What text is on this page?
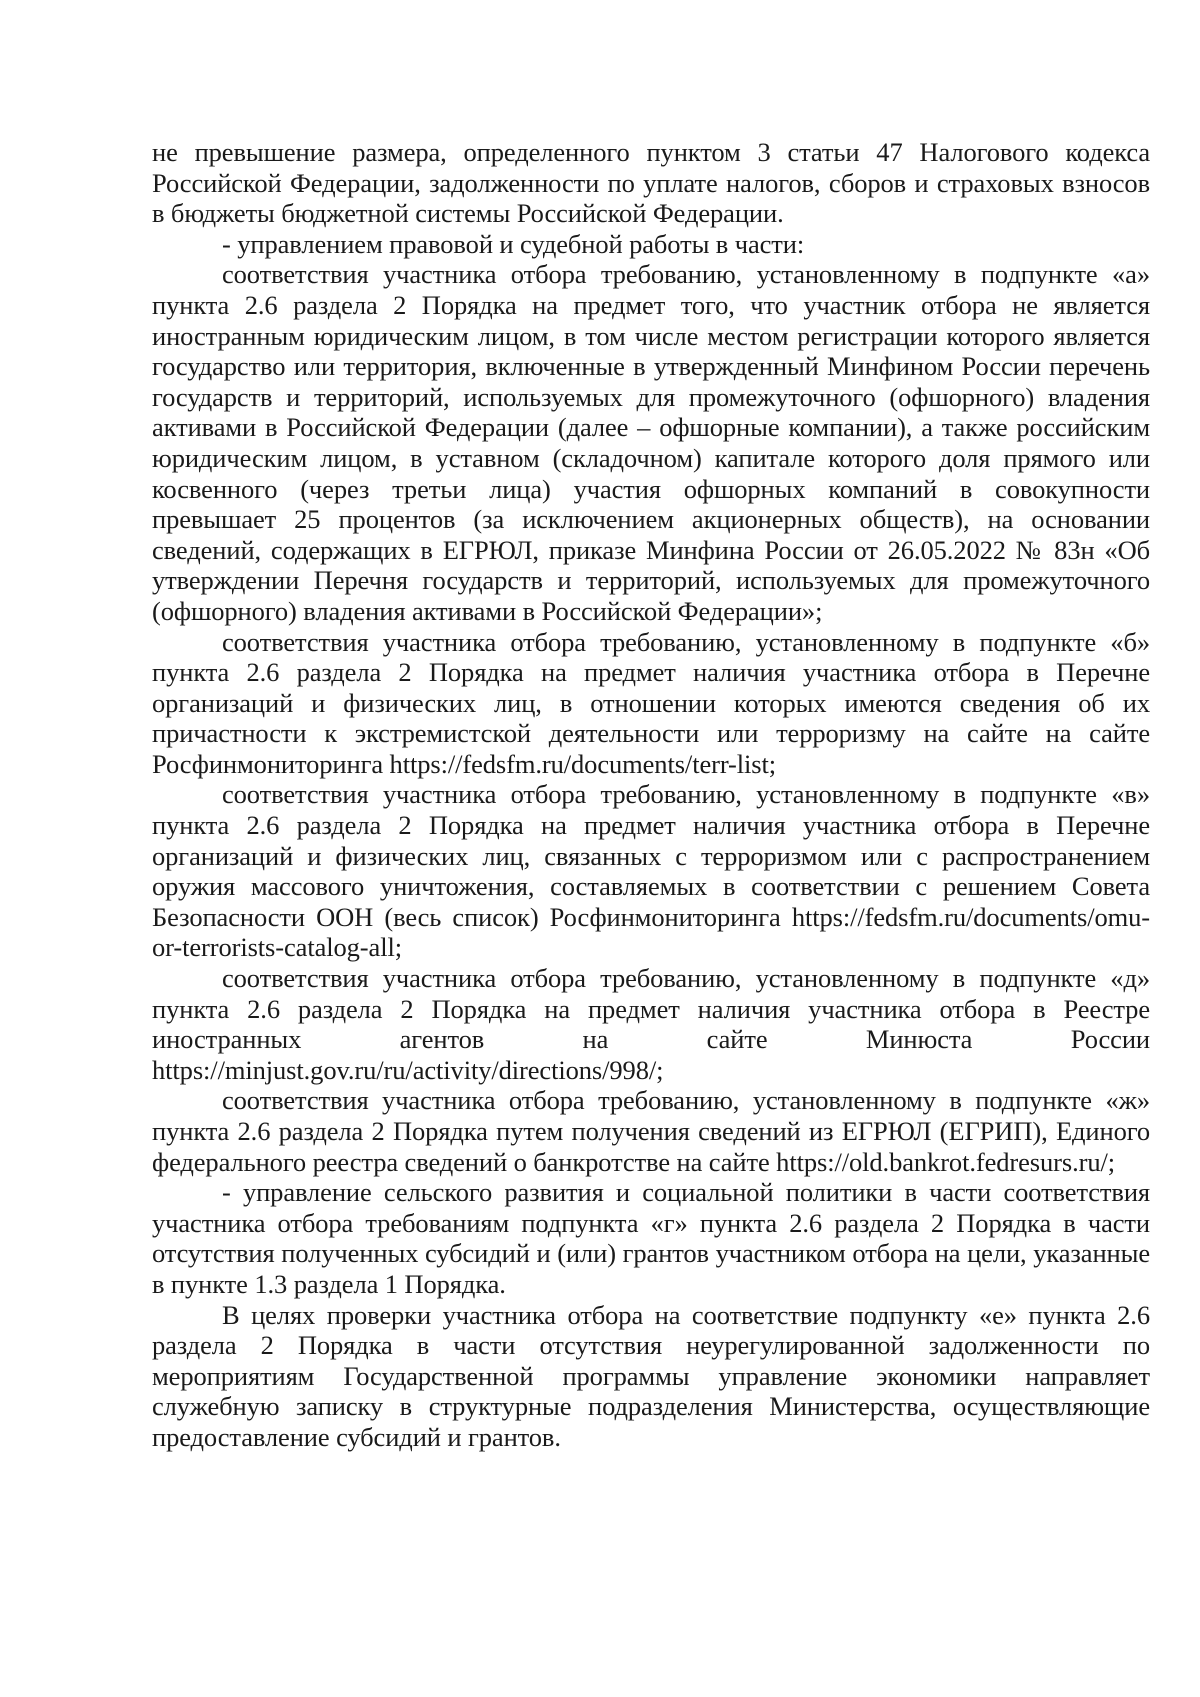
не превышение размера, определенного пунктом 3 статьи 47 Налогового кодекса Российской Федерации, задолженности по уплате налогов, сборов и страховых взносов в бюджеты бюджетной системы Российской Федерации.

- управлением правовой и судебной работы в части:

соответствия участника отбора требованию, установленному в подпункте «а» пункта 2.6 раздела 2 Порядка на предмет того, что участник отбора не является иностранным юридическим лицом, в том числе местом регистрации которого является государство или территория, включенные в утвержденный Минфином России перечень государств и территорий, используемых для промежуточного (офшорного) владения активами в Российской Федерации (далее – офшорные компании), а также российским юридическим лицом, в уставном (складочном) капитале которого доля прямого или косвенного (через третьи лица) участия офшорных компаний в совокупности превышает 25 процентов (за исключением акционерных обществ), на основании сведений, содержащих в ЕГРЮЛ, приказе Минфина России от 26.05.2022 № 83н «Об утверждении Перечня государств и территорий, используемых для промежуточного (офшорного) владения активами в Российской Федерации»;

соответствия участника отбора требованию, установленному в подпункте «б» пункта 2.6 раздела 2 Порядка на предмет наличия участника отбора в Перечне организаций и физических лиц, в отношении которых имеются сведения об их причастности к экстремистской деятельности или терроризму на сайте на сайте Росфинмониторинга https://fedsfm.ru/documents/terr-list;

соответствия участника отбора требованию, установленному в подпункте «в» пункта 2.6 раздела 2 Порядка на предмет наличия участника отбора в Перечне организаций и физических лиц, связанных с терроризмом или с распространением оружия массового уничтожения, составляемых в соответствии с решением Совета Безопасности ООН (весь список) Росфинмониторинга https://fedsfm.ru/documents/omu-or-terrorists-catalog-all;

соответствия участника отбора требованию, установленному в подпункте «д» пункта 2.6 раздела 2 Порядка на предмет наличия участника отбора в Реестре иностранных агентов на сайте Минюста России https://minjust.gov.ru/ru/activity/directions/998/;

соответствия участника отбора требованию, установленному в подпункте «ж» пункта 2.6 раздела 2 Порядка путем получения сведений из ЕГРЮЛ (ЕГРИП), Единого федерального реестра сведений о банкротстве на сайте https://old.bankrot.fedresurs.ru/;

- управление сельского развития и социальной политики в части соответствия участника отбора требованиям подпункта «г» пункта 2.6 раздела 2 Порядка в части отсутствия полученных субсидий и (или) грантов участником отбора на цели, указанные в пункте 1.3 раздела 1 Порядка.

В целях проверки участника отбора на соответствие подпункту «е» пункта 2.6 раздела 2 Порядка в части отсутствия неурегулированной задолженности по мероприятиям Государственной программы управление экономики направляет служебную записку в структурные подразделения Министерства, осуществляющие предоставление субсидий и грантов.
